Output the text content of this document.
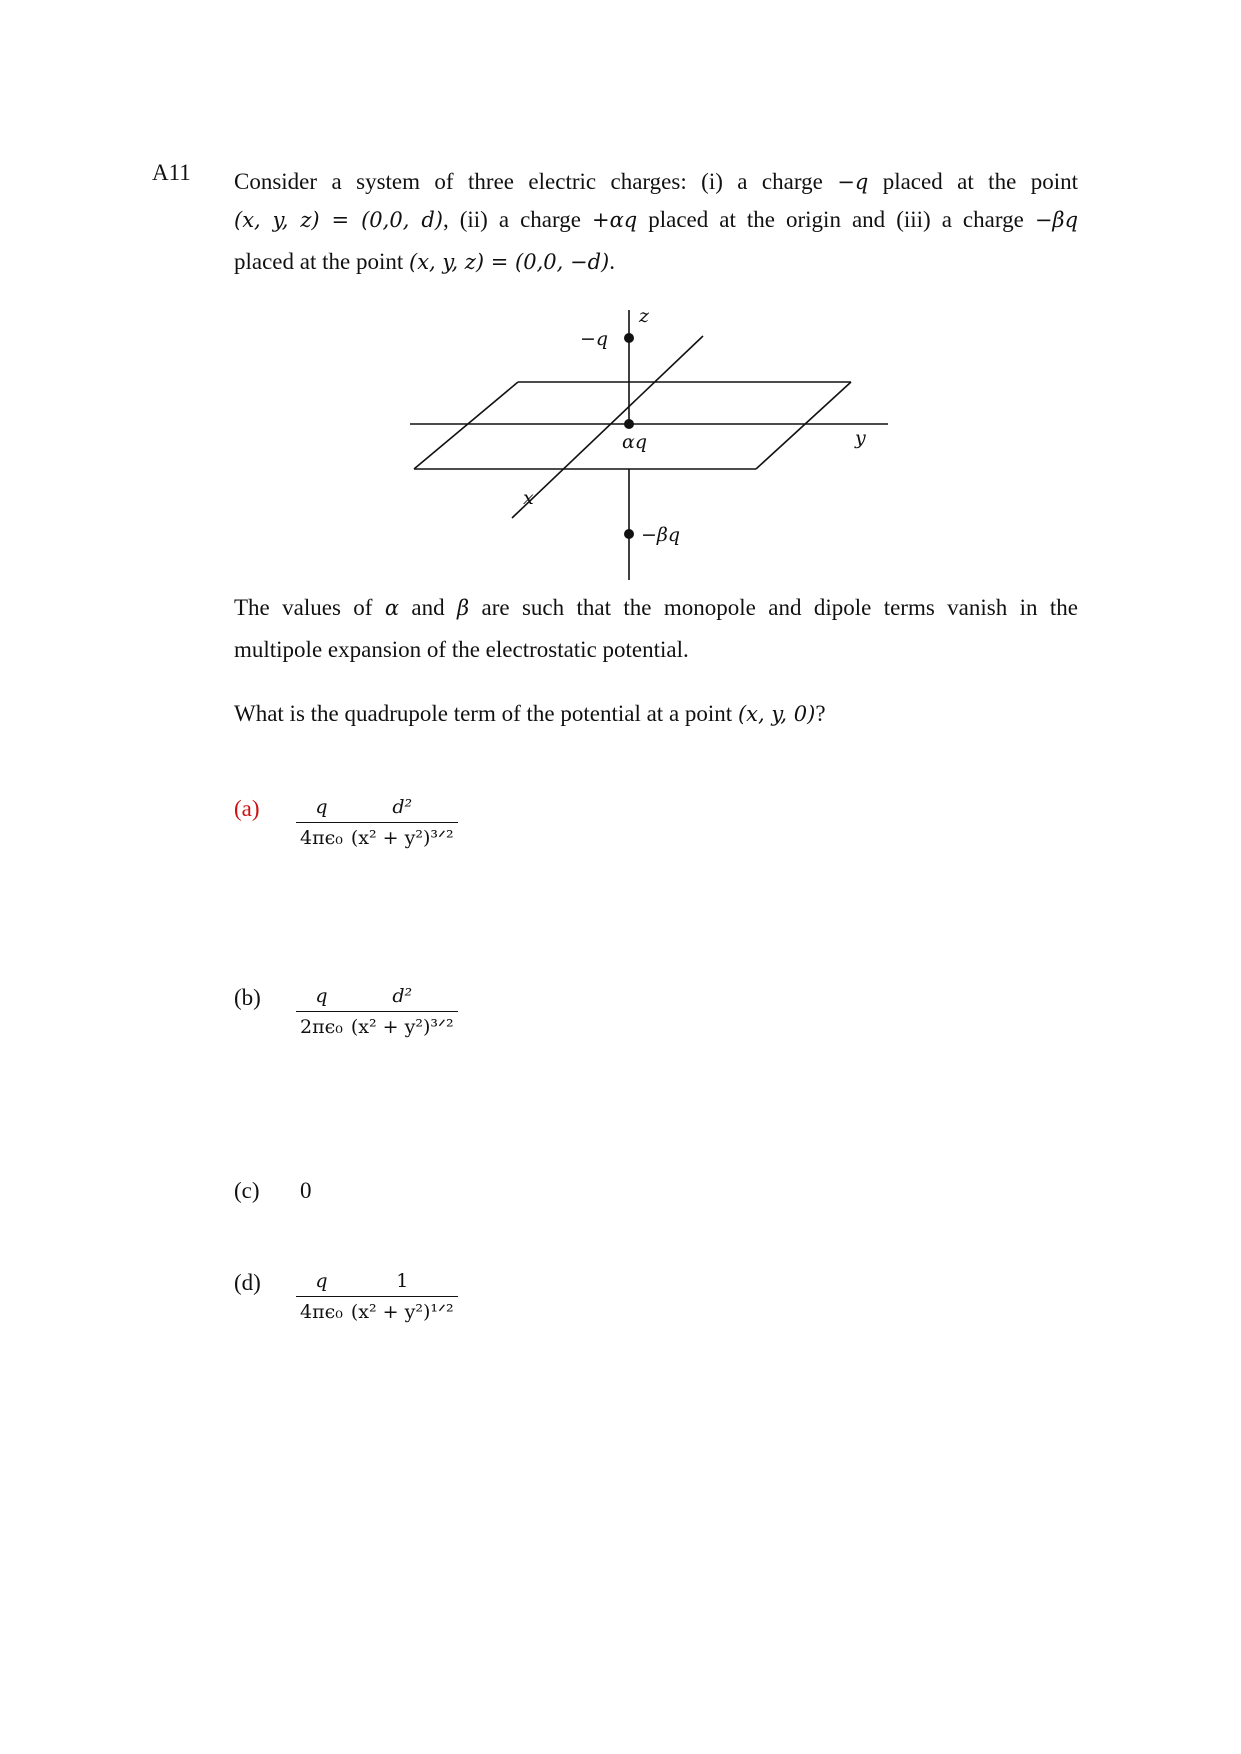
A11 Consider a system of three electric charges: (i) a charge −q placed at the point
(x, y, z) = (0,0, d), (ii) a charge +αq placed at the origin and (iii) a charge −βq
placed at the point (x, y, z) = (0,0, −d).
z
y
x
−q
αq
−βq
The values of α and β are such that the monopole and dipole terms vanish in the
multipole expansion of the electrostatic potential.
What is the quadrupole term of the potential at a point (x, y, 0)?
$(a) \frac{q}{\text{4πϵ₀}} \frac{\text{d²}}{\text{(x² + y²)³ᐟ²}}$
$(b) \frac{q}{\text{2πϵ₀}} \frac{\text{d²}}{\text{(x² + y²)³ᐟ²}}$
(c) 0
$(d) \frac{q}{\text{4πϵ₀}} \frac{1}{\text{(x² + y²)¹ᐟ²}}$
